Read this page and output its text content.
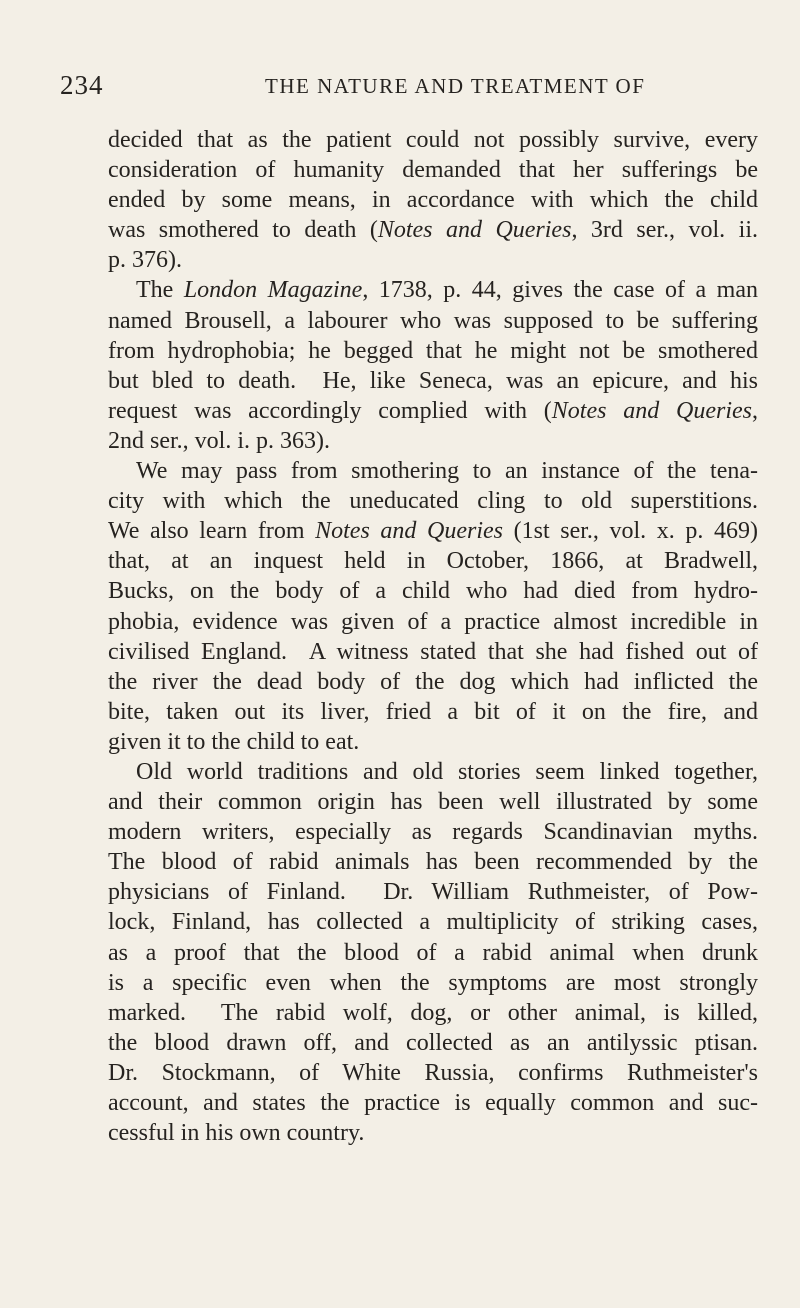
234	THE NATURE AND TREATMENT OF
decided that as the patient could not possibly survive, every
consideration of humanity demanded that her sufferings be
ended by some means, in accordance with which the child
was smothered to death (Notes and Queries, 3rd ser., vol. ii.
p. 376).
The London Magazine, 1738, p. 44, gives the case of a man
named Brousell, a labourer who was supposed to be suffering
from hydrophobia; he begged that he might not be smothered
but bled to death.  He, like Seneca, was an epicure, and his
request was accordingly complied with (Notes and Queries,
2nd ser., vol. i. p. 363).
We may pass from smothering to an instance of the tena-
city with which the uneducated cling to old superstitions.
We also learn from Notes and Queries (1st ser., vol. x. p. 469)
that, at an inquest held in October, 1866, at Bradwell,
Bucks, on the body of a child who had died from hydro-
phobia, evidence was given of a practice almost incredible in
civilised England.  A witness stated that she had fished out of
the river the dead body of the dog which had inflicted the
bite, taken out its liver, fried a bit of it on the fire, and
given it to the child to eat.
Old world traditions and old stories seem linked together,
and their common origin has been well illustrated by some
modern writers, especially as regards Scandinavian myths.
The blood of rabid animals has been recommended by the
physicians of Finland.  Dr. William Ruthmeister, of Pow-
lock, Finland, has collected a multiplicity of striking cases,
as a proof that the blood of a rabid animal when drunk
is a specific even when the symptoms are most strongly
marked.  The rabid wolf, dog, or other animal, is killed,
the blood drawn off, and collected as an antilyssic ptisan.
Dr. Stockmann, of White Russia, confirms Ruthmeister's
account, and states the practice is equally common and suc-
cessful in his own country.
